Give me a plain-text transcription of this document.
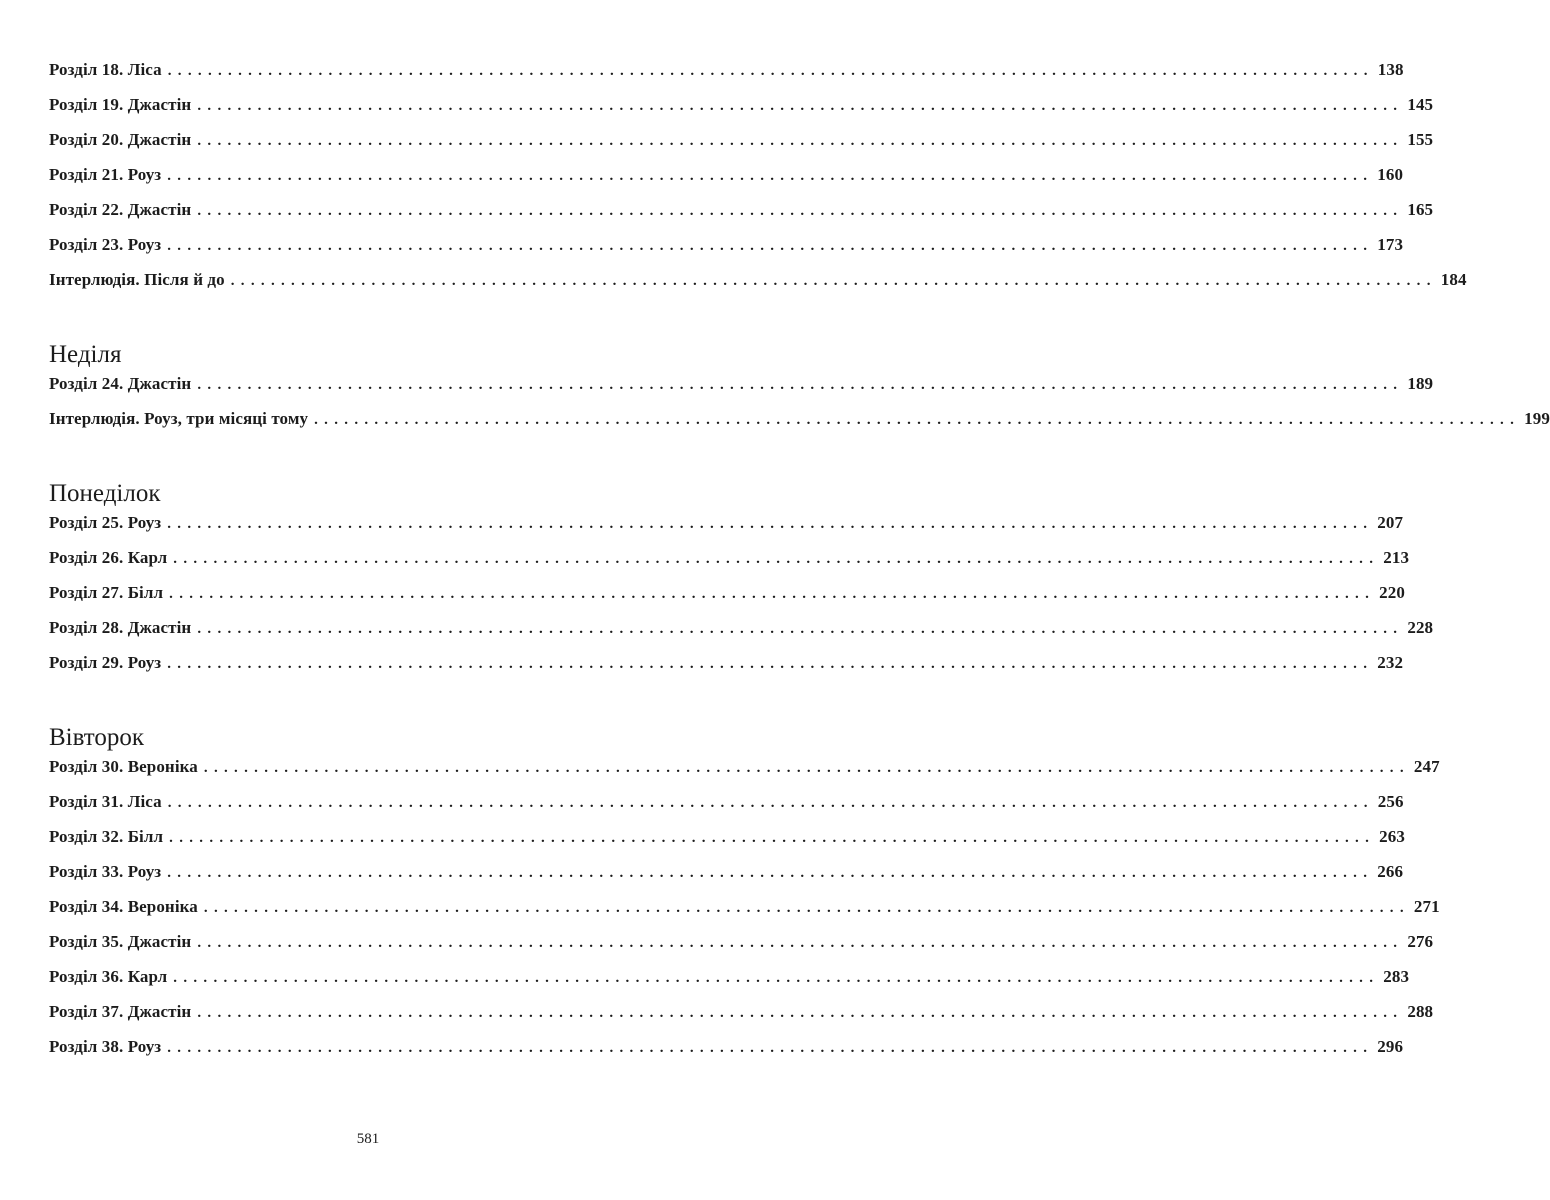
Розділ 18. Ліса ........................................................................................................................ 138
Розділ 19. Джастін ........................................................................................................................ 145
Розділ 20. Джастін ........................................................................................................................ 155
Розділ 21. Роуз ........................................................................................................................ 160
Розділ 22. Джастін ........................................................................................................................ 165
Розділ 23. Роуз ........................................................................................................................ 173
Інтерлюдія. Після й до ........................................................................................................................ 184
Неділя
Розділ 24. Джастін ........................................................................................................................ 189
Інтерлюдія. Роуз, три місяці тому ........................................................................................................................ 199
Понеділок
Розділ 25. Роуз ........................................................................................................................ 207
Розділ 26. Карл ........................................................................................................................ 213
Розділ 27. Білл ........................................................................................................................ 220
Розділ 28. Джастін ........................................................................................................................ 228
Розділ 29. Роуз ........................................................................................................................ 232
Вівторок
Розділ 30. Вероніка ........................................................................................................................ 247
Розділ 31. Ліса ........................................................................................................................ 256
Розділ 32. Білл ........................................................................................................................ 263
Розділ 33. Роуз ........................................................................................................................ 266
Розділ 34. Вероніка ........................................................................................................................ 271
Розділ 35. Джастін ........................................................................................................................ 276
Розділ 36. Карл ........................................................................................................................ 283
Розділ 37. Джастін ........................................................................................................................ 288
Розділ 38. Роуз ........................................................................................................................ 296
581
